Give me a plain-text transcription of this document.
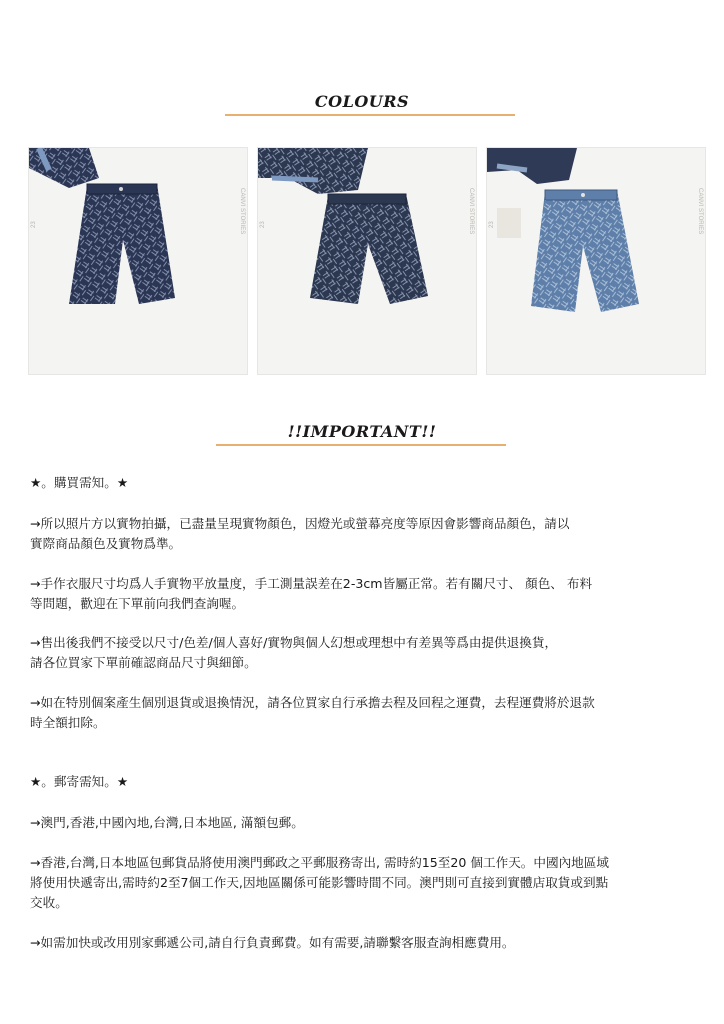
COLOURS
CANVI STORIES
23	CANVI STORIES
23	CANVI STORIES
23
!!IMPORTANT!!
★。購買需知。★
→所以照片方以實物拍攝，已盡量呈現實物顏色，因燈光或螢幕亮度等原因會影響商品顏色，請以
實際商品顏色及實物爲準。
→手作衣服尺寸均爲人手實物平放量度，手工測量誤差在2-3cm皆屬正常。若有關尺寸、 顏色、 布料
等問題，歡迎在下單前向我們查詢喔。
→售出後我們不接受以尺寸/色差/個人喜好/實物與個人幻想或理想中有差異等爲由提供退換貨，
請各位買家下單前確認商品尺寸與細節。
→如在特別個案產生個別退貨或退換情況，請各位買家自行承擔去程及回程之運費，去程運費將於退款
時全額扣除。
★。郵寄需知。★
→澳門,香港,中國內地,台灣,日本地區, 滿額包郵。
→香港,台灣,日本地區包郵貨品將使用澳門郵政之平郵服務寄出, 需時約15至20 個工作天。中國內地區域
將使用快遞寄出,需時約2至7個工作天,因地區關係可能影響時間不同。澳門則可直接到實體店取貨或到點
交收。
→如需加快或改用別家郵遞公司,請自行負責郵費。如有需要,請聯繫客服查詢相應費用。
